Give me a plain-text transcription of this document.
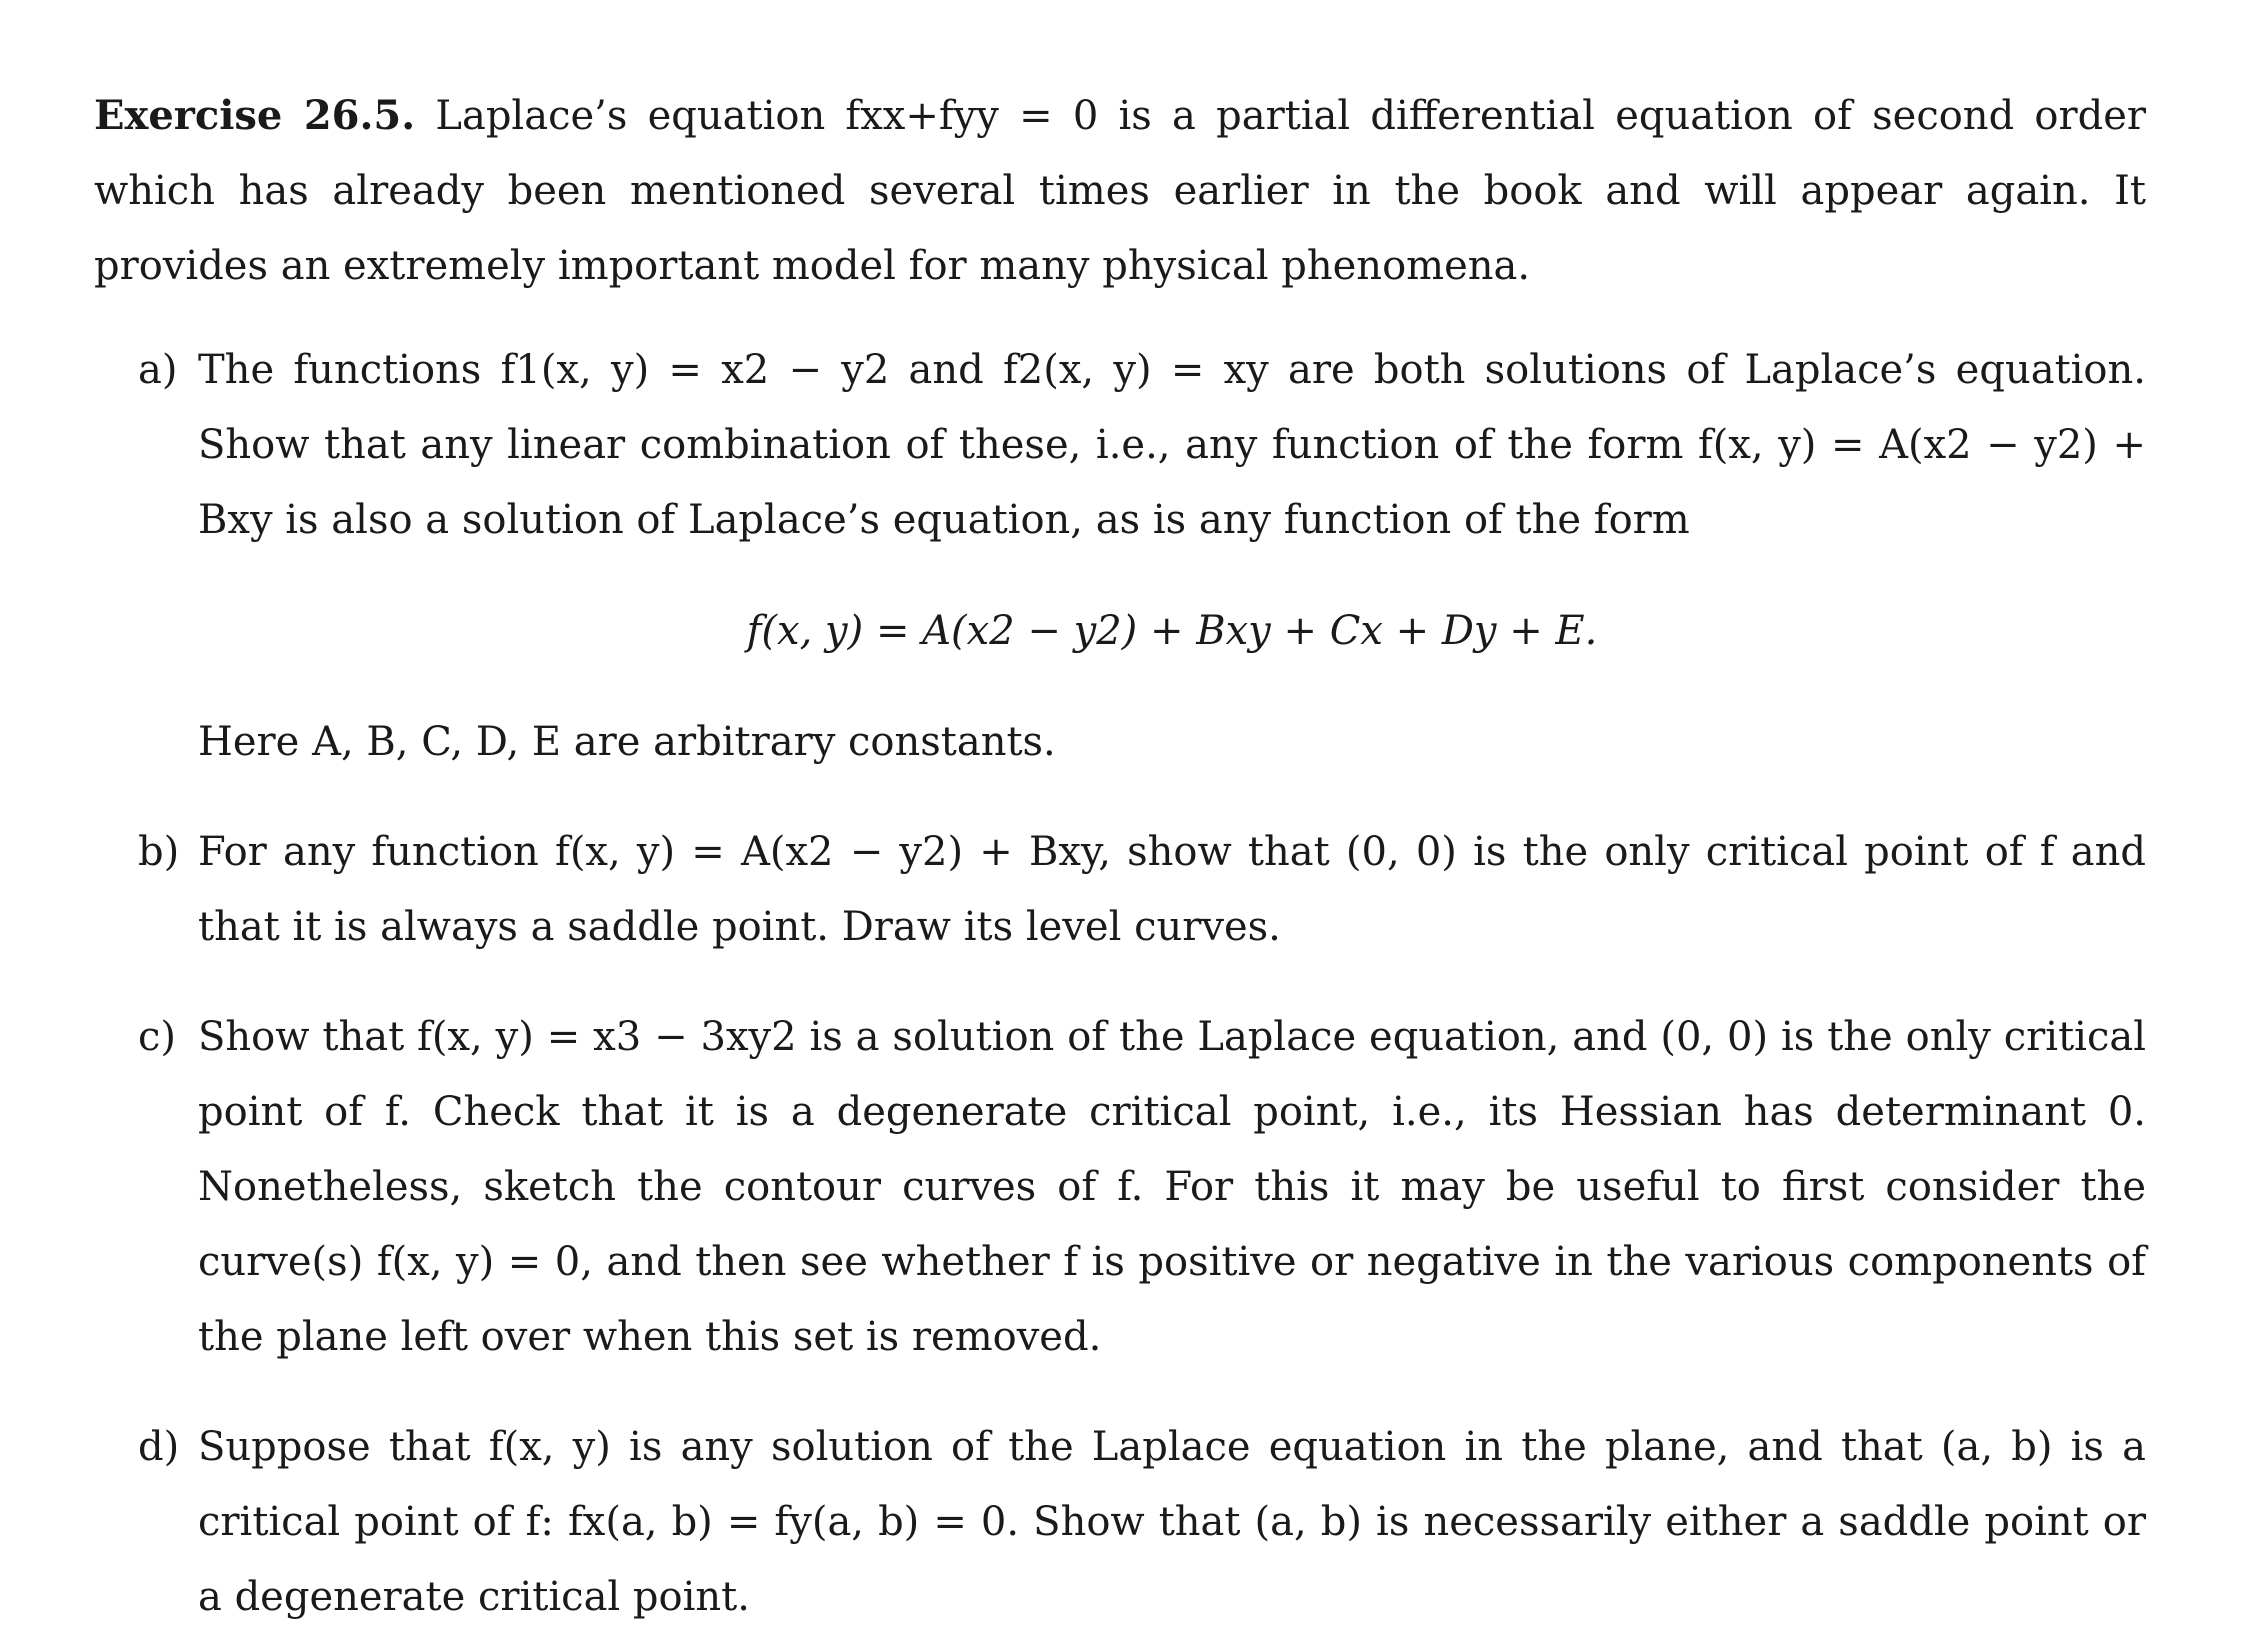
Exercise 26.5. Laplace’s equation fxx+fyy = 0 is a partial differential equation of second order which has already been mentioned several times earlier in the book and will appear again. It provides an extremely important model for many physical phenomena.

a) The functions f1(x, y) = x2 − y2 and f2(x, y) = xy are both solutions of Laplace’s equation. Show that any linear combination of these, i.e., any function of the form f(x, y) = A(x2 − y2) + Bxy is also a solution of Laplace’s equation, as is any function of the form
f(x, y) = A(x2 − y2) + Bxy + Cx + Dy + E.
Here A, B, C, D, E are arbitrary constants.
b) For any function f(x, y) = A(x2 − y2) + Bxy, show that (0, 0) is the only critical point of f and that it is always a saddle point. Draw its level curves.
c) Show that f(x, y) = x3 − 3xy2 is a solution of the Laplace equation, and (0, 0) is the only critical point of f. Check that it is a degenerate critical point, i.e., its Hessian has determinant 0. Nonetheless, sketch the contour curves of f. For this it may be useful to first consider the curve(s) f(x, y) = 0, and then see whether f is positive or negative in the various components of the plane left over when this set is removed.
d) Suppose that f(x, y) is any solution of the Laplace equation in the plane, and that (a, b) is a critical point of f: fx(a, b) = fy(a, b) = 0. Show that (a, b) is necessarily either a saddle point or a degenerate critical point.
